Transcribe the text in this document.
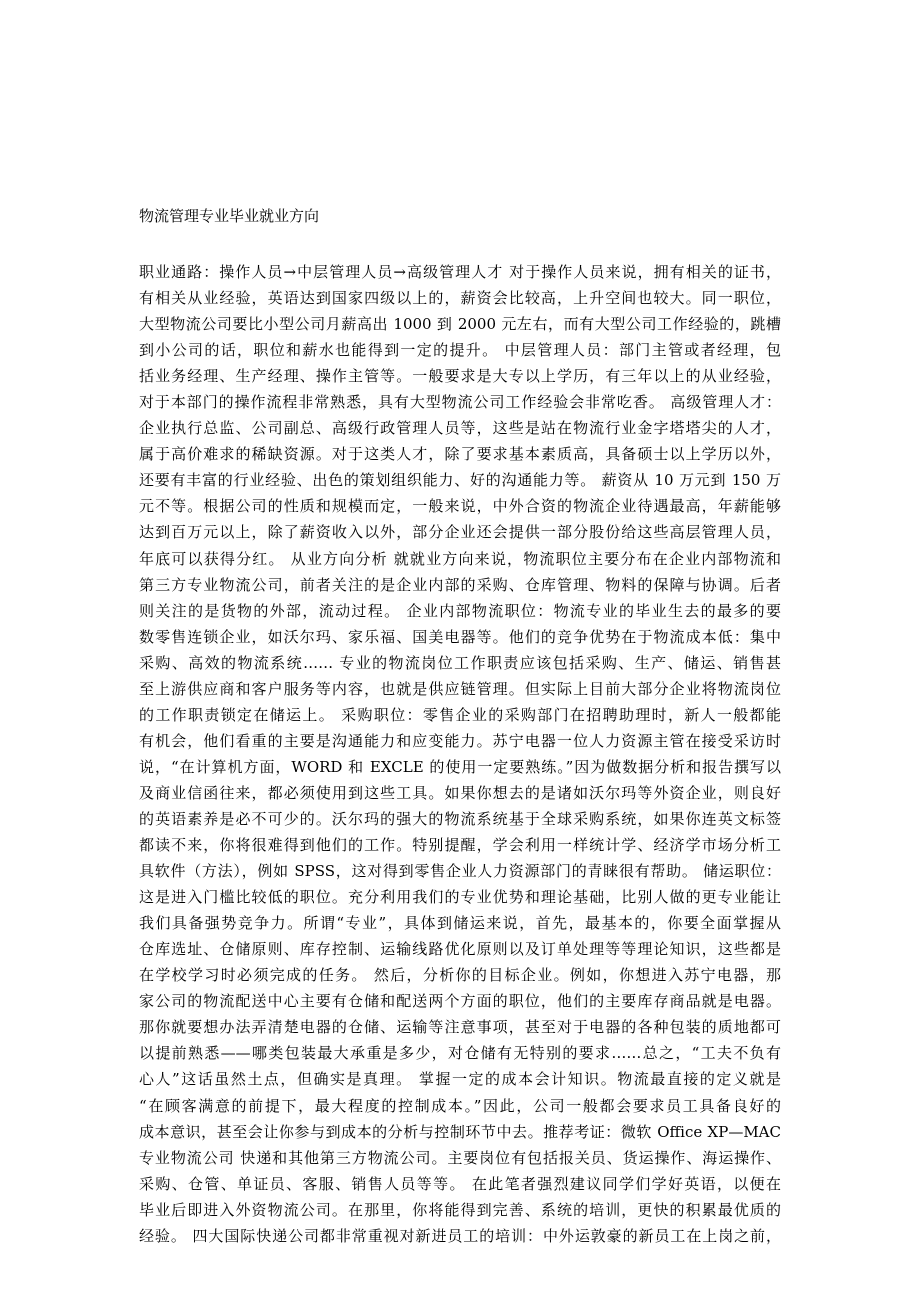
物流管理专业毕业就业方向
职业通路：操作人员→中层管理人员→高级管理人才 对于操作人员来说，拥有相关的证书，
有相关从业经验，英语达到国家四级以上的，薪资会比较高，上升空间也较大。同一职位，
大型物流公司要比小型公司月薪高出 1000 到 2000 元左右，而有大型公司工作经验的，跳槽
到小公司的话，职位和薪水也能得到一定的提升。 中层管理人员：部门主管或者经理，包
括业务经理、生产经理、操作主管等。一般要求是大专以上学历，有三年以上的从业经验，
对于本部门的操作流程非常熟悉，具有大型物流公司工作经验会非常吃香。 高级管理人才：
企业执行总监、公司副总、高级行政管理人员等，这些是站在物流行业金字塔塔尖的人才，
属于高价难求的稀缺资源。对于这类人才，除了要求基本素质高，具备硕士以上学历以外，
还要有丰富的行业经验、出色的策划组织能力、好的沟通能力等。 薪资从 10 万元到 150 万
元不等。根据公司的性质和规模而定，一般来说，中外合资的物流企业待遇最高，年薪能够
达到百万元以上，除了薪资收入以外，部分企业还会提供一部分股份给这些高层管理人员，
年底可以获得分红。 从业方向分析 就就业方向来说，物流职位主要分布在企业内部物流和
第三方专业物流公司，前者关注的是企业内部的采购、仓库管理、物料的保障与协调。后者
则关注的是货物的外部，流动过程。 企业内部物流职位：物流专业的毕业生去的最多的要
数零售连锁企业，如沃尔玛、家乐福、国美电器等。他们的竞争优势在于物流成本低：集中
采购、高效的物流系统…… 专业的物流岗位工作职责应该包括采购、生产、储运、销售甚
至上游供应商和客户服务等内容，也就是供应链管理。但实际上目前大部分企业将物流岗位
的工作职责锁定在储运上。 采购职位：零售企业的采购部门在招聘助理时，新人一般都能
有机会，他们看重的主要是沟通能力和应变能力。苏宁电器一位人力资源主管在接受采访时
说，“在计算机方面，WORD 和 EXCLE 的使用一定要熟练。”因为做数据分析和报告撰写以
及商业信函往来，都必须使用到这些工具。如果你想去的是诸如沃尔玛等外资企业，则良好
的英语素养是必不可少的。沃尔玛的强大的物流系统基于全球采购系统，如果你连英文标签
都读不来，你将很难得到他们的工作。特别提醒，学会利用一样统计学、经济学市场分析工
具软件（方法），例如 SPSS，这对得到零售企业人力资源部门的青睐很有帮助。 储运职位：
这是进入门槛比较低的职位。充分利用我们的专业优势和理论基础，比别人做的更专业能让
我们具备强势竞争力。所谓“专业”，具体到储运来说，首先，最基本的，你要全面掌握从
仓库选址、仓储原则、库存控制、运输线路优化原则以及订单处理等等理论知识，这些都是
在学校学习时必须完成的任务。 然后，分析你的目标企业。例如，你想进入苏宁电器，那
家公司的物流配送中心主要有仓储和配送两个方面的职位，他们的主要库存商品就是电器。
那你就要想办法弄清楚电器的仓储、运输等注意事项，甚至对于电器的各种包装的质地都可
以提前熟悉——哪类包装最大承重是多少，对仓储有无特别的要求……总之，“工夫不负有
心人”这话虽然土点，但确实是真理。 掌握一定的成本会计知识。物流最直接的定义就是
“在顾客满意的前提下，最大程度的控制成本。”因此，公司一般都会要求员工具备良好的
成本意识，甚至会让你参与到成本的分析与控制环节中去。推荐考证：微软 Office XP—MAC
专业物流公司 快递和其他第三方物流公司。主要岗位有包括报关员、货运操作、海运操作、
采购、仓管、单证员、客服、销售人员等等。 在此笔者强烈建议同学们学好英语，以便在
毕业后即进入外资物流公司。在那里，你将能得到完善、系统的培训，更快的积累最优质的
经验。 四大国际快递公司都非常重视对新进员工的培训：中外运敦豪的新员工在上岗之前，
